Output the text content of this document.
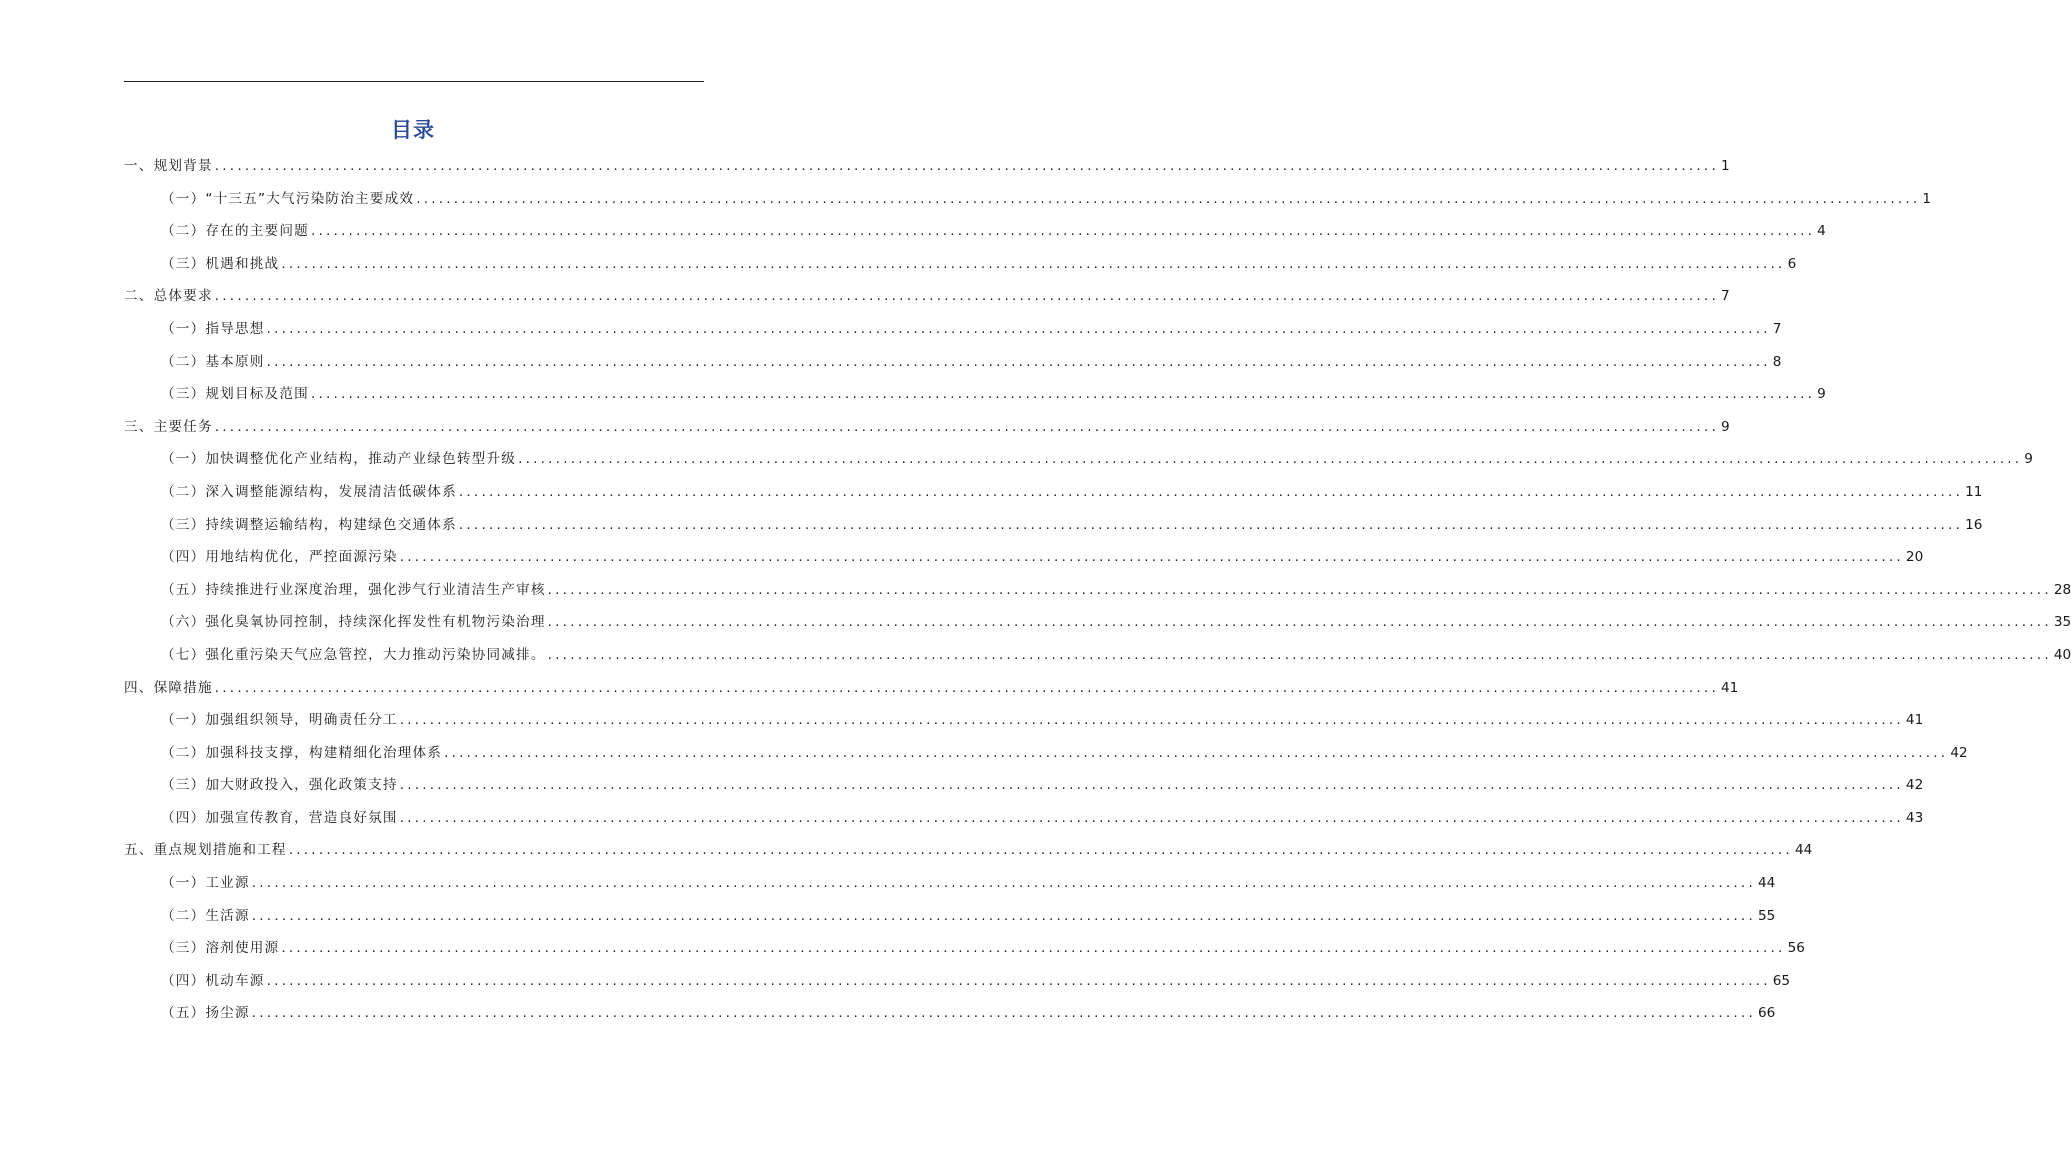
目录
一、规划背景 ........................................................................................................................................................................................................ 1
（一）“十三五”大气污染防治主要成效 ........................................................................................................................................................................................................ 1
（二）存在的主要问题 ........................................................................................................................................................................................................ 4
（三）机遇和挑战 ........................................................................................................................................................................................................ 6
二、总体要求 ........................................................................................................................................................................................................ 7
（一）指导思想 ........................................................................................................................................................................................................ 7
（二）基本原则 ........................................................................................................................................................................................................ 8
（三）规划目标及范围 ........................................................................................................................................................................................................ 9
三、主要任务 ........................................................................................................................................................................................................ 9
（一）加快调整优化产业结构，推动产业绿色转型升级 ........................................................................................................................................................................................................ 9
（二）深入调整能源结构，发展清洁低碳体系 ........................................................................................................................................................................................................ 11
（三）持续调整运输结构，构建绿色交通体系 ........................................................................................................................................................................................................ 16
（四）用地结构优化，严控面源污染 ........................................................................................................................................................................................................ 20
（五）持续推进行业深度治理，强化涉气行业清洁生产审核 ........................................................................................................................................................................................................ 28
（六）强化臭氧协同控制，持续深化挥发性有机物污染治理 ........................................................................................................................................................................................................ 35
（七）强化重污染天气应急管控，大力推动污染协同减排。 ........................................................................................................................................................................................................ 40
四、保障措施 ........................................................................................................................................................................................................ 41
（一）加强组织领导，明确责任分工 ........................................................................................................................................................................................................ 41
（二）加强科技支撑，构建精细化治理体系 ........................................................................................................................................................................................................ 42
（三）加大财政投入，强化政策支持 ........................................................................................................................................................................................................ 42
（四）加强宣传教育，营造良好氛围 ........................................................................................................................................................................................................ 43
五、重点规划措施和工程 ........................................................................................................................................................................................................ 44
（一）工业源 ........................................................................................................................................................................................................ 44
（二）生活源 ........................................................................................................................................................................................................ 55
（三）溶剂使用源 ........................................................................................................................................................................................................ 56
（四）机动车源 ........................................................................................................................................................................................................ 65
（五）扬尘源 ........................................................................................................................................................................................................ 66
